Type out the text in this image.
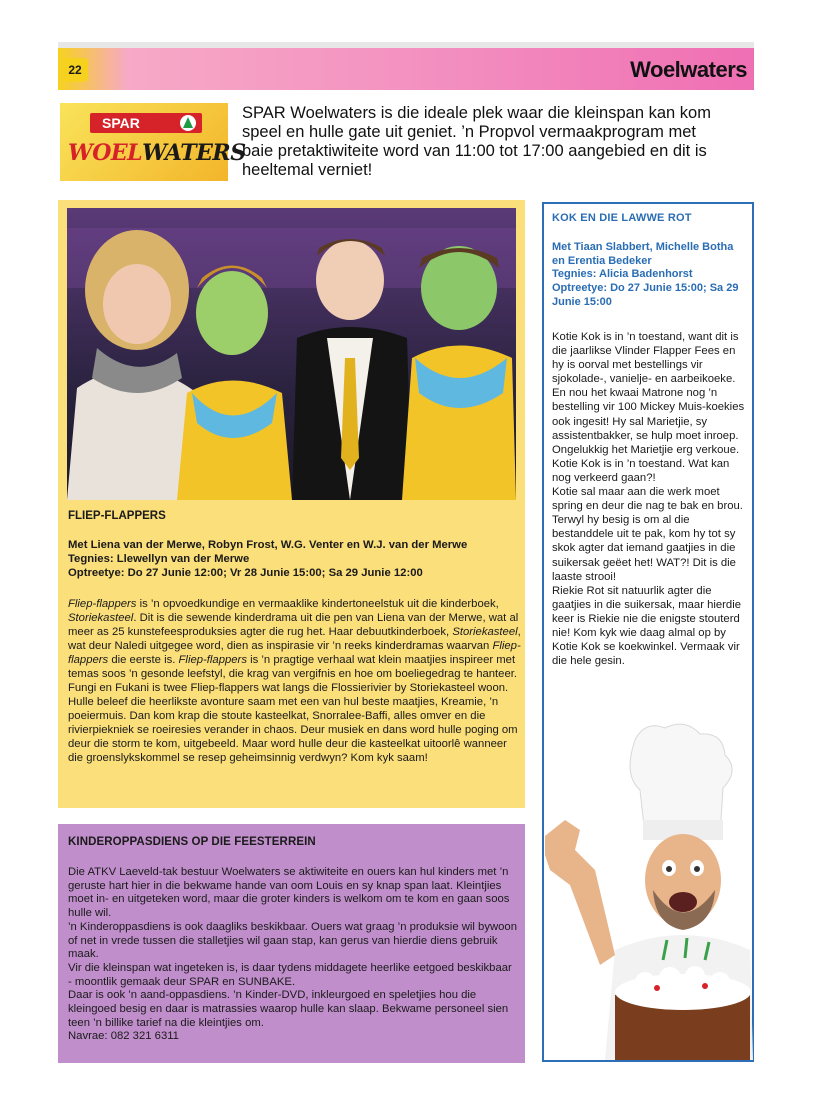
22	Woelwaters
SPAR
WOELWATERS

SPAR Woelwaters is die ideale plek waar die kleinspan kan kom speel en hulle gate uit geniet. ’n Propvol vermaakprogram met baie pretaktiwiteite word van 11:00 tot 17:00 aangebied en dit is heeltemal verniet!

FLIEP-FLAPPERS

Met Liena van der Merwe, Robyn Frost, W.G. Venter en W.J. van der Merwe
Tegnies: Llewellyn van der Merwe
Optreetye: Do 27 Junie 12:00; Vr 28 Junie 15:00; Sa 29 Junie 12:00

Fliep-flappers is ’n opvoedkundige en vermaaklike kindertoneelstuk uit die kinderboek, Storiekasteel. Dit is die sewende kinderdrama uit die pen van Liena van der Merwe, wat al meer as 25 kunstefeesproduksies agter die rug het. Haar debuutkinderboek, Storiekasteel, wat deur Naledi uitgegee word, dien as inspirasie vir ’n reeks kinderdramas waarvan Fliep-flappers die eerste is. Fliep-flappers is ’n pragtige verhaal wat klein maatjies inspireer met temas soos ’n gesonde leefstyl, die krag van vergifnis en hoe om boeliegedrag te hanteer. Fungi en Fukani is twee Fliep-flappers wat langs die Flossierivier by Storiekasteel woon. Hulle beleef die heerlikste avonture saam met een van hul beste maatjies, Kreamie, ’n poeiermuis. Dan kom krap die stoute kasteelkat, Snorralee-Baffi, alles omver en die rivierpiekniek se roeiresies verander in chaos. Deur musiek en dans word hulle poging om deur die storm te kom, uitgebeeld. Maar word hulle deur die kasteelkat uitoorlê wanneer die groenslykskommel se resep geheimsinnig verdwyn? Kom kyk saam!

KINDEROPPASDIENS OP DIE FEESTERREIN

Die ATKV Laeveld-tak bestuur Woelwaters se aktiwiteite en ouers kan hul kinders met ’n geruste hart hier in die bekwame hande van oom Louis en sy knap span laat. Kleintjies moet in- en uitgeteken word, maar die groter kinders is welkom om te kom en gaan soos hulle wil.
’n Kinderoppasdiens is ook daagliks beskikbaar. Ouers wat graag ’n produksie wil bywoon of net in vrede tussen die stalletjies wil gaan stap, kan gerus van hierdie diens gebruik maak.
Vir die kleinspan wat ingeteken is, is daar tydens middagete heerlike eetgoed beskikbaar - moontlik gemaak deur SPAR en SUNBAKE.
Daar is ook ’n aand-oppasdiens. ’n Kinder-DVD, inkleurgoed en speletjies hou die kleingoed besig en daar is matrassies waarop hulle kan slaap. Bekwame personeel sien teen ’n billike tarief na die kleintjies om.
Navrae: 082 321 6311

KOK EN DIE LAWWE ROT

Met Tiaan Slabbert, Michelle Botha en Erentia Bedeker
Tegnies: Alicia Badenhorst
Optreetye: Do 27 Junie 15:00; Sa 29 Junie 15:00

Kotie Kok is in ’n toestand, want dit is die jaarlikse Vlinder Flapper Fees en hy is oorval met bestellings vir sjokolade-, vanielje- en aarbeikoeke. En nou het kwaai Matrone nog ’n bestelling vir 100 Mickey Muis-koekies ook ingesit! Hy sal Marietjie, sy assistentbakker, se hulp moet inroep. Ongelukkig het Marietjie erg verkoue. Kotie Kok is in ’n toestand. Wat kan nog verkeerd gaan?!
Kotie sal maar aan die werk moet spring en deur die nag te bak en brou. Terwyl hy besig is om al die bestanddele uit te pak, kom hy tot sy skok agter dat iemand gaatjies in die suikersak geëet het! WAT?! Dit is die laaste strooi!
Riekie Rot sit natuurlik agter die gaatjies in die suikersak, maar hierdie keer is Riekie nie die enigste stouterd nie! Kom kyk wie daag almal op by Kotie Kok se koekwinkel. Vermaak vir die hele gesin.
